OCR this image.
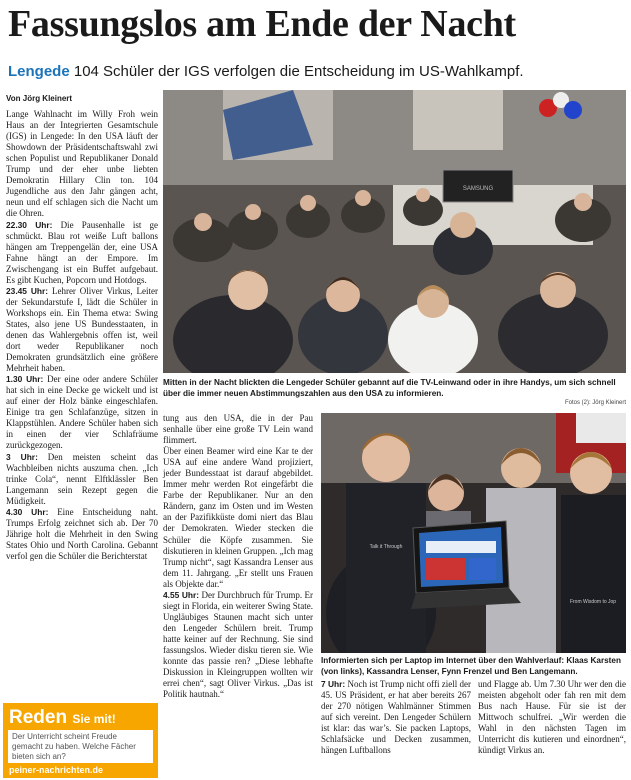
Fassungslos am Ende der Nacht
Lengede 104 Schüler der IGS verfolgen die Entscheidung im US-Wahlkampf.

Von Jörg Kleinert

Lange Wahlnacht im Willy Froh wein Haus an der Integrierten Gesamtschule (IGS) in Lengede: In den USA läuft der Showdown der Präsidentschaftswahl zwi schen Populist und Republikaner Donald Trump und der eher unbe liebten Demokratin Hillary Clin ton. 104 Jugendliche aus den Jahr gängen acht, neun und elf schlagen sich die Nacht um die Ohren.

22.30 Uhr: Die Pausenhalle ist ge schmückt. Blau rot weiße Luft ballons hängen am Treppengelän der, eine USA Fahne hängt an der Empore. Im Zwischengang ist ein Buffet aufgebaut. Es gibt Kuchen, Popcorn und Hotdogs.

23.45 Uhr: Lehrer Oliver Virkus, Leiter der Sekundarstufe I, lädt die Schüler in Workshops ein. Ein Thema etwa: Swing States, also jene US Bundesstaaten, in denen das Wahlergebnis offen ist, weil dort weder Republikaner noch Demokraten grundsätzlich eine größere Mehrheit haben.

1.30 Uhr: Der eine oder andere Schüler hat sich in eine Decke ge wickelt und ist auf einer der Holz bänke eingeschlafen. Einige tra gen Schlafanzüge, sitzen in Klappstühlen. Andere Schüler haben sich in einen der vier Schlafräume zurückgezogen.

3 Uhr: Den meisten scheint das Wachbleiben nichts auszuma chen. „Ich trinke Cola“, nennt Elftklässler Ben Langemann sein Rezept gegen die Müdigkeit.

4.30 Uhr: Eine Entscheidung naht. Trumps Erfolg zeichnet sich ab. Der 70 Jährige holt die Mehrheit in den Swing States Ohio und North Carolina. Gebannt verfol gen die Schüler die Berichterstat

SAMSUNG
Mitten in der Nacht blickten die Lengeder Schüler gebannt auf die TV-Leinwand oder in ihre Handys, um sich schnell über die immer neuen Abstimmungszahlen aus den USA zu informieren.
Fotos (2): Jörg Kleinert

tung aus den USA, die in der Pau senhalle über eine große TV Lein wand flimmert.

Über einen Beamer wird eine Kar te der USA auf eine andere Wand projiziert, jeder Bundesstaat ist darauf abgebildet. Immer mehr werden Rot eingefärbt die Farbe der Republikaner. Nur an den Rändern, ganz im Osten und im Westen an der Pazifikküste domi niert das Blau der Demokraten. Wieder stecken die Schüler die Köpfe zusammen. Sie diskutieren in kleinen Gruppen. „Ich mag Trump nicht“, sagt Kassandra Lenser aus dem 11. Jahrgang. „Er stellt uns Frauen als Objekte dar.“

4.55 Uhr: Der Durchbruch für Trump. Er siegt in Florida, ein weiterer Swing State. Ungläubiges Staunen macht sich unter den Lengeder Schülern breit. Trump hatte keiner auf der Rechnung. Sie sind fassungslos. Wieder disku tieren sie. Wie konnte das passie ren? „Diese lebhafte Diskussion in Kleingruppen wollten wir errei chen“, sagt Oliver Virkus. „Das ist Politik hautnah.“

Talk it Through
From Wisdom to Jop
Informierten sich per Laptop im Internet über den Wahlverlauf: Klaas Karsten (von links), Kassandra Lenser, Fynn Frenzel und Ben Langemann.

7 Uhr: Noch ist Trump nicht offi ziell der 45. US Präsident, er hat aber bereits 267 der 270 nötigen Wahlmänner Stimmen auf sich vereint. Den Lengeder Schülern ist klar: das war’s. Sie packen Laptops, Schlafsäcke und Decken zusammen, hängen Luftballons

und Flagge ab. Um 7.30 Uhr wer den die meisten abgeholt oder fah ren mit dem Bus nach Hause. Für sie ist der Mittwoch schulfrei. „Wir werden die Wahl in den nächsten Tagen im Unterricht dis kutieren und einordnen“, kündigt Virkus an.

Reden Sie mit!
Der Unterricht scheint Freude gemacht zu haben. Welche Fächer bieten sich an?
peiner-nachrichten.de
